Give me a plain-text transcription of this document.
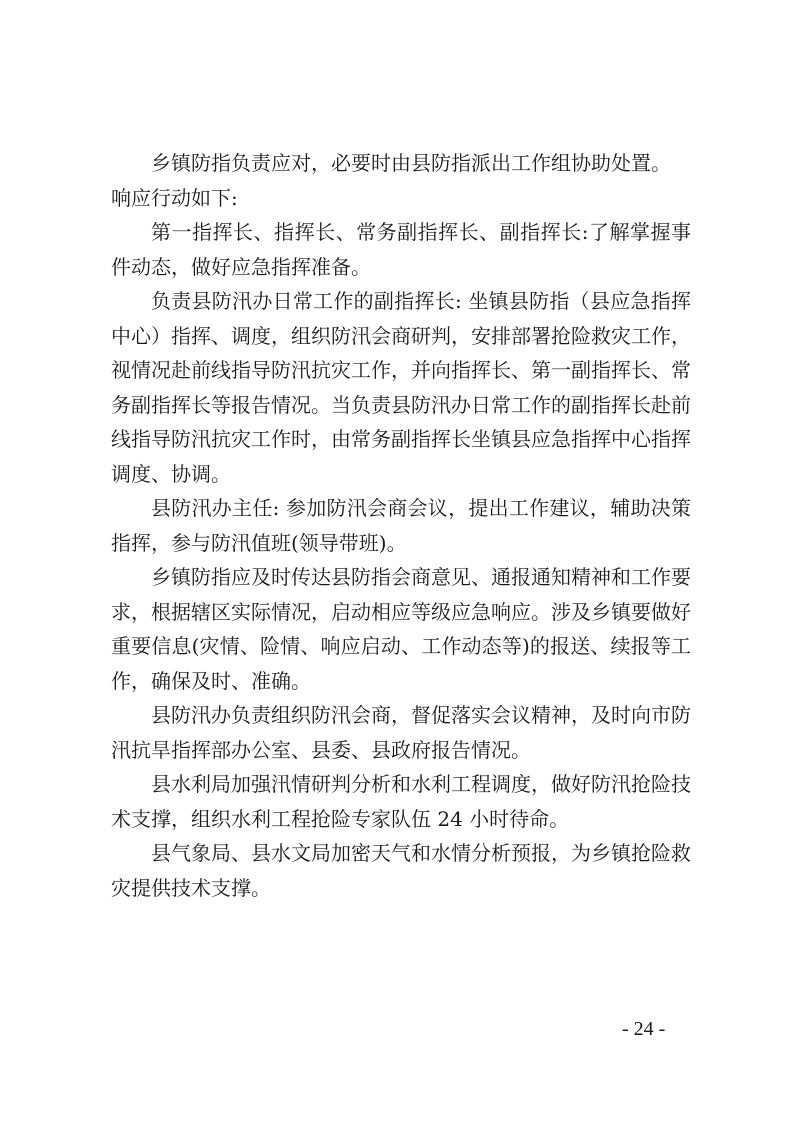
乡镇防指负责应对，必要时由县防指派出工作组协助处置。

响应行动如下:

第一指挥长、指挥长、常务副指挥长、副指挥长:了解掌握事件动态，做好应急指挥准备。

负责县防汛办日常工作的副指挥长: 坐镇县防指（县应急指挥中心）指挥、调度，组织防汛会商研判，安排部署抢险救灾工作，视情况赴前线指导防汛抗灾工作，并向指挥长、第一副指挥长、常务副指挥长等报告情况。当负责县防汛办日常工作的副指挥长赴前线指导防汛抗灾工作时，由常务副指挥长坐镇县应急指挥中心指挥调度、协调。

县防汛办主任: 参加防汛会商会议，提出工作建议，辅助决策指挥，参与防汛值班(领导带班)。

乡镇防指应及时传达县防指会商意见、通报通知精神和工作要求，根据辖区实际情况，启动相应等级应急响应。涉及乡镇要做好重要信息(灾情、险情、响应启动、工作动态等)的报送、续报等工作，确保及时、准确。

县防汛办负责组织防汛会商，督促落实会议精神，及时向市防汛抗旱指挥部办公室、县委、县政府报告情况。

县水利局加强汛情研判分析和水利工程调度，做好防汛抢险技术支撑，组织水利工程抢险专家队伍 24 小时待命。

县气象局、县水文局加密天气和水情分析预报，为乡镇抢险救灾提供技术支撑。

- 24 -
